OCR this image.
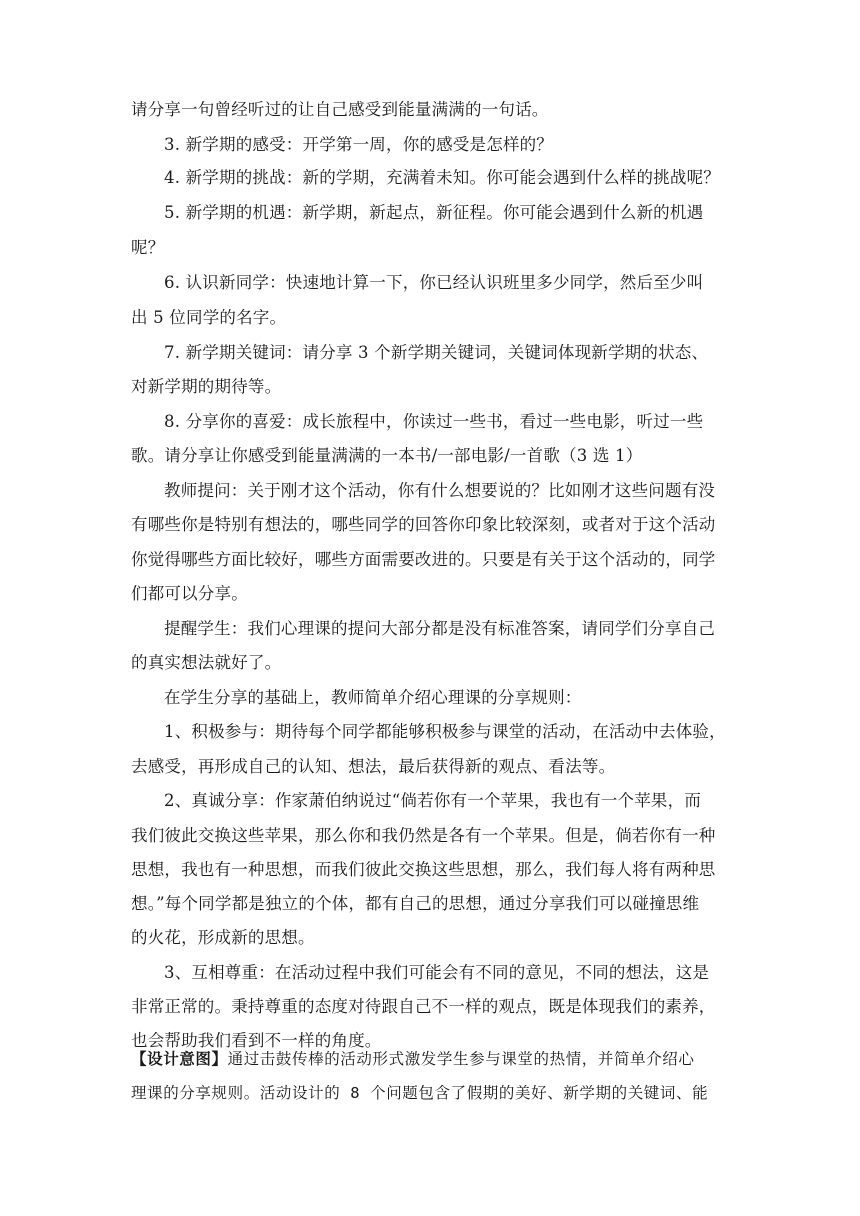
请分享一句曾经听过的让自己感受到能量满满的一句话。
3. 新学期的感受：开学第一周，你的感受是怎样的？
4. 新学期的挑战：新的学期，充满着未知。你可能会遇到什么样的挑战呢？
5. 新学期的机遇：新学期，新起点，新征程。你可能会遇到什么新的机遇
呢？
6. 认识新同学：快速地计算一下，你已经认识班里多少同学，然后至少叫
出 5 位同学的名字。
7. 新学期关键词：请分享 3 个新学期关键词，关键词体现新学期的状态、
对新学期的期待等。
8. 分享你的喜爱：成长旅程中，你读过一些书，看过一些电影，听过一些
歌。请分享让你感受到能量满满的一本书/一部电影/一首歌（3 选 1）
教师提问：关于刚才这个活动，你有什么想要说的？比如刚才这些问题有没
有哪些你是特别有想法的，哪些同学的回答你印象比较深刻，或者对于这个活动
你觉得哪些方面比较好，哪些方面需要改进的。只要是有关于这个活动的，同学
们都可以分享。
提醒学生：我们心理课的提问大部分都是没有标准答案，请同学们分享自己
的真实想法就好了。
在学生分享的基础上，教师简单介绍心理课的分享规则：
1、积极参与：期待每个同学都能够积极参与课堂的活动，在活动中去体验，
去感受，再形成自己的认知、想法，最后获得新的观点、看法等。
2、真诚分享：作家萧伯纳说过“倘若你有一个苹果，我也有一个苹果，而
我们彼此交换这些苹果，那么你和我仍然是各有一个苹果。但是，倘若你有一种
思想，我也有一种思想，而我们彼此交换这些思想，那么，我们每人将有两种思
想。”每个同学都是独立的个体，都有自己的思想，通过分享我们可以碰撞思维
的火花，形成新的思想。
3、互相尊重：在活动过程中我们可能会有不同的意见，不同的想法，这是
非常正常的。秉持尊重的态度对待跟自己不一样的观点，既是体现我们的素养，
也会帮助我们看到不一样的角度。
【设计意图】通过击鼓传棒的活动形式激发学生参与课堂的热情，并简单介绍心
理课的分享规则。活动设计的 8 个问题包含了假期的美好、新学期的关键词、能
